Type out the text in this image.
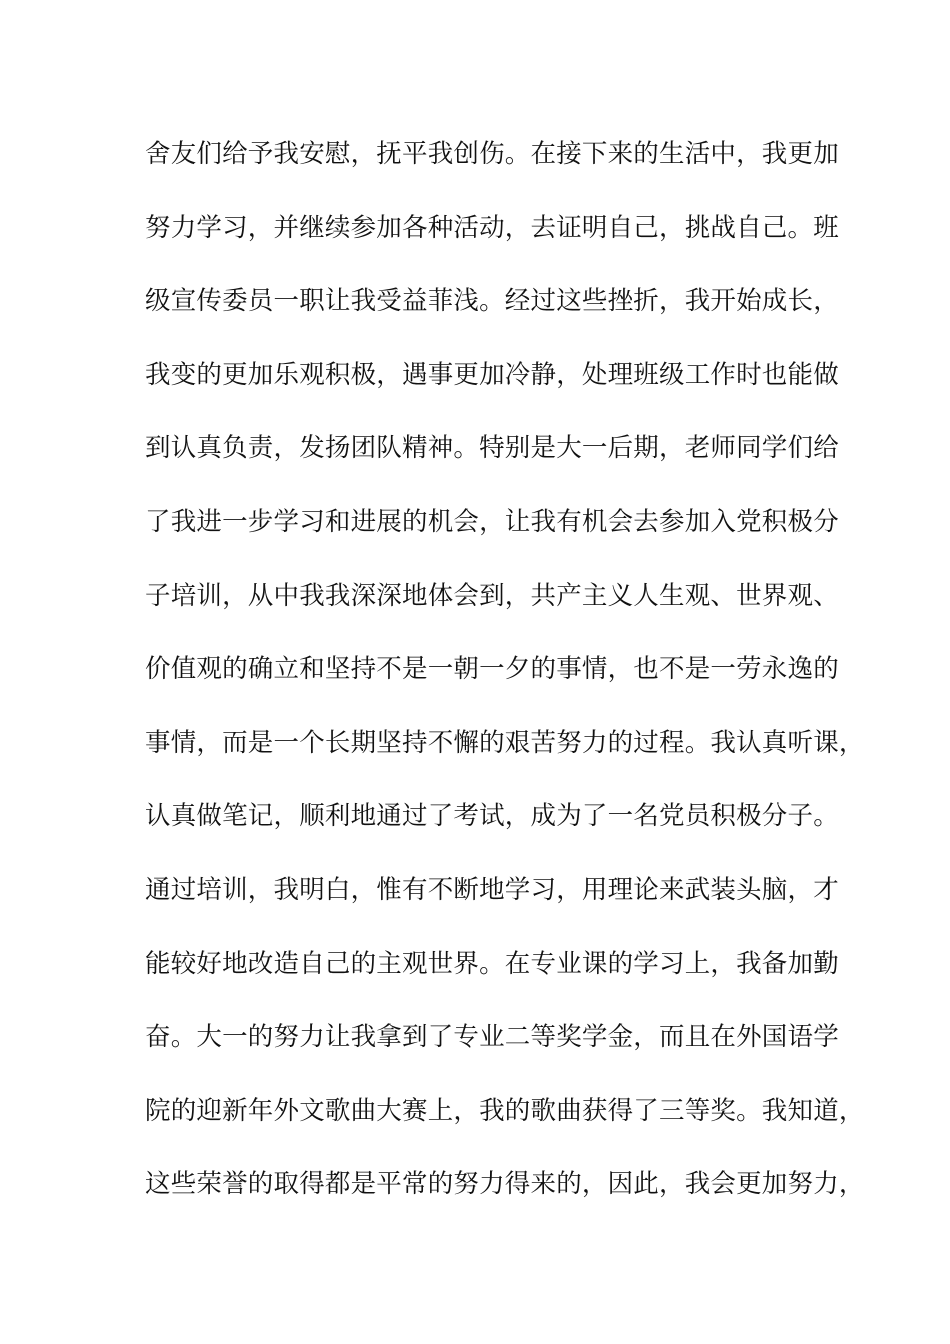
舍友们给予我安慰，抚平我创伤。在接下来的生活中，我更加
努力学习，并继续参加各种活动，去证明自己，挑战自己。班
级宣传委员一职让我受益菲浅。经过这些挫折，我开始成长，
我变的更加乐观积极，遇事更加冷静，处理班级工作时也能做
到认真负责，发扬团队精神。特别是大一后期，老师同学们给
了我进一步学习和进展的机会，让我有机会去参加入党积极分
子培训，从中我我深深地体会到，共产主义人生观、世界观、
价值观的确立和坚持不是一朝一夕的事情，也不是一劳永逸的
事情，而是一个长期坚持不懈的艰苦努力的过程。我认真听课，
认真做笔记，顺利地通过了考试，成为了一名党员积极分子。
通过培训，我明白，惟有不断地学习，用理论来武装头脑，才
能较好地改造自己的主观世界。在专业课的学习上，我备加勤
奋。大一的努力让我拿到了专业二等奖学金，而且在外国语学
院的迎新年外文歌曲大赛上，我的歌曲获得了三等奖。我知道，
这些荣誉的取得都是平常的努力得来的，因此，我会更加努力，
